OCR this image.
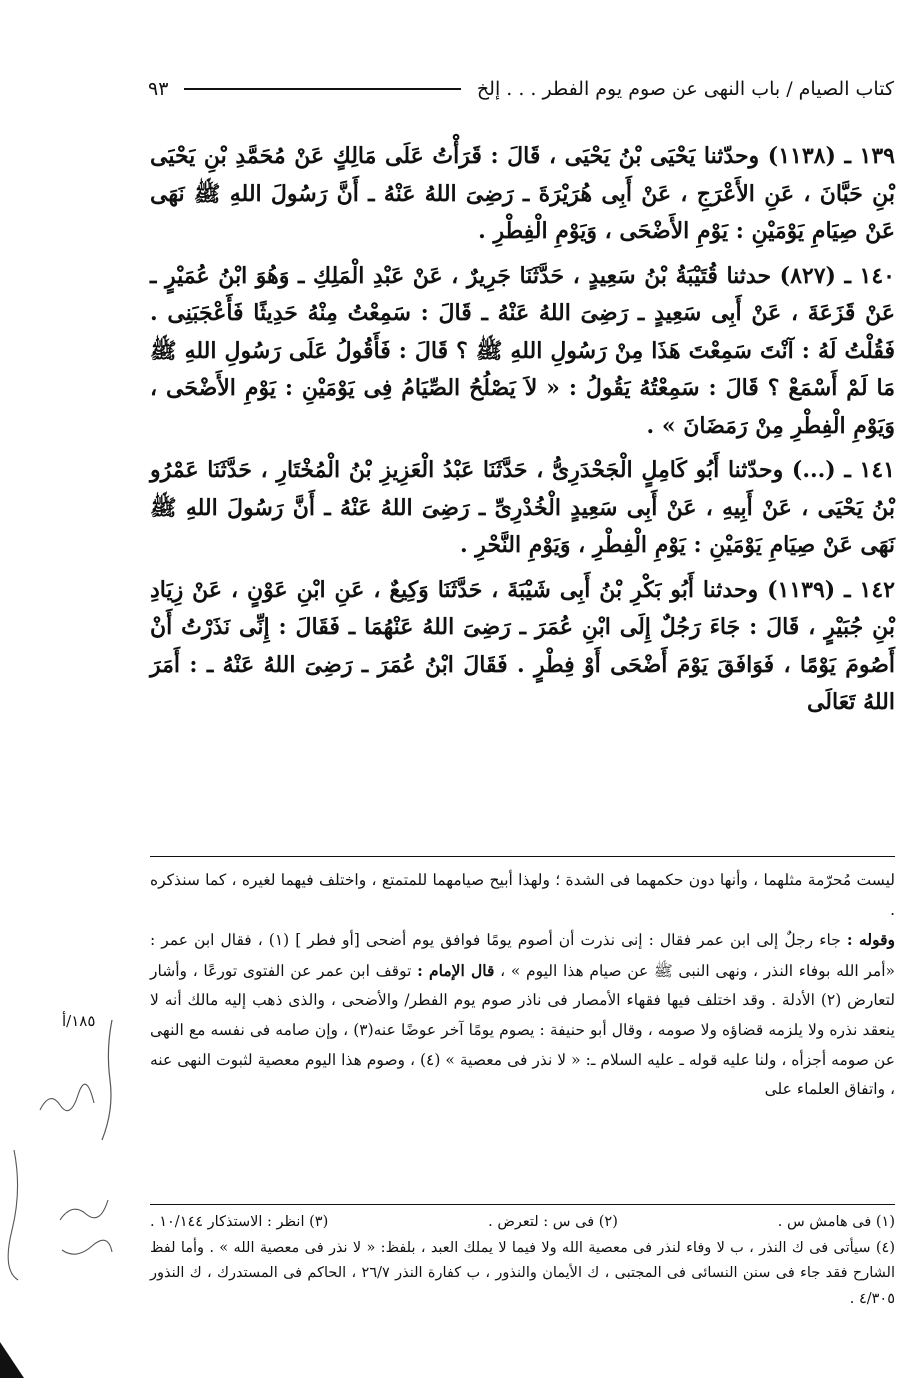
كتاب الصيام / باب النهى عن صوم يوم الفطر . . . إلخ
٩٣

١٣٩ ـ (١١٣٨) وحدّثنا يَحْيَى بْنُ يَحْيَى ، قَالَ : قَرَأْتُ عَلَى مَالِكٍ عَنْ مُحَمَّدِ بْنِ يَحْيَى بْنِ حَبَّانَ ، عَنِ الأَعْرَجِ ، عَنْ أَبِى هُرَيْرَةَ ـ رَضِىَ اللهُ عَنْهُ ـ أَنَّ رَسُولَ اللهِ ﷺ نَهَى عَنْ صِيَامِ يَوْمَيْنِ : يَوْمِ الأَضْحَى ، وَيَوْمِ الْفِطْرِ .

١٤٠ ـ (٨٢٧) حدثنا قُتَيْبَةُ بْنُ سَعِيدٍ ، حَدَّثَنَا جَرِيرٌ ، عَنْ عَبْدِ الْمَلِكِ ـ وَهُوَ ابْنُ عُمَيْرٍ ـ عَنْ قَزَعَةَ ، عَنْ أَبِى سَعِيدٍ ـ رَضِىَ اللهُ عَنْهُ ـ قَالَ : سَمِعْتُ مِنْهُ حَدِيثًا فَأَعْجَبَنِى . فَقُلْتُ لَهُ : آنْتَ سَمِعْتَ هَذَا مِنْ رَسُولِ اللهِ ﷺ ؟ قَالَ : فَأَقُولُ عَلَى رَسُولِ اللهِ ﷺ مَا لَمْ أَسْمَعْ ؟ قَالَ : سَمِعْتُهُ يَقُولُ : « لاَ يَصْلُحُ الصِّيَامُ فِى يَوْمَيْنِ : يَوْمِ الأَضْحَى ، وَيَوْمِ الْفِطْرِ مِنْ رَمَضَانَ » .

١٤١ ـ (...) وحدّثنا أَبُو كَامِلٍ الْجَحْدَرِىُّ ، حَدَّثَنَا عَبْدُ الْعَزِيزِ بْنُ الْمُخْتَارِ ، حَدَّثَنَا عَمْرُو بْنُ يَحْيَى ، عَنْ أَبِيهِ ، عَنْ أَبِى سَعِيدٍ الْخُدْرِىِّ ـ رَضِىَ اللهُ عَنْهُ ـ أَنَّ رَسُولَ اللهِ ﷺ نَهَى عَنْ صِيَامِ يَوْمَيْنِ : يَوْمِ الْفِطْرِ ، وَيَوْمِ النَّحْرِ .

١٤٢ ـ (١١٣٩) وحدثنا أَبُو بَكْرِ بْنُ أَبِى شَيْبَةَ ، حَدَّثَنَا وَكِيعٌ ، عَنِ ابْنِ عَوْنٍ ، عَنْ زِيَادِ بْنِ جُبَيْرٍ ، قَالَ : جَاءَ رَجُلٌ إِلَى ابْنِ عُمَرَ ـ رَضِىَ اللهُ عَنْهُمَا ـ فَقَالَ : إِنِّى نَذَرْتُ أَنْ أَصُومَ يَوْمًا ، فَوَافَقَ يَوْمَ أَضْحَى أَوْ فِطْرٍ . فَقَالَ ابْنُ عُمَرَ ـ رَضِىَ اللهُ عَنْهُ ـ : أَمَرَ اللهُ تَعَالَى

ليست مُحرّمة مثلهما ، وأنها دون حكمهما فى الشدة ؛ ولهذا أبيح صيامهما للمتمتع ، واختلف فيهما لغيره ، كما سنذكره .

وقوله : جاء رجلٌ إلى ابن عمر فقال : إنى نذرت أن أصوم يومًا فوافق يوم أضحى [أو فطر ] (١) ، فقال ابن عمر : «أمر الله بوفاء النذر ، ونهى النبى ﷺ عن صيام هذا اليوم » ، قال الإمام : توقف ابن عمر عن الفتوى تورعًا ، وأشار لتعارض (٢) الأدلة . وقد اختلف فيها فقهاء الأمصار فى ناذر صوم يوم الفطر/ والأضحى ، والذى ذهب إليه مالك أنه لا ينعقد نذره ولا يلزمه قضاؤه ولا صومه ، وقال أبو حنيفة : يصوم يومًا آخر عوضًا عنه(٣) ، وإن صامه فى نفسه مع النهى عن صومه أجزأه ، ولنا عليه قوله ـ عليه السلام ـ: « لا نذر فى معصية » (٤) ، وصوم هذا اليوم معصية لثبوت النهى عنه ، واتفاق العلماء على

(١) فى هامش س .
(٢) فى س : لتعرض .
(٣) انظر : الاستذكار ١٠/١٤٤ .
(٤) سيأتى فى ك النذر ، ب لا وفاء لنذر فى معصية الله ولا فيما لا يملك العبد ، بلفظ: « لا نذر فى معصية الله » . وأما لفظ الشارح فقد جاء فى سنن النسائى فى المجتبى ، ك الأيمان والنذور ، ب كفارة النذر ٢٦/٧ ، الحاكم فى المستدرك ، ك النذور ٤/٣٠٥ .
١٨٥/أ
